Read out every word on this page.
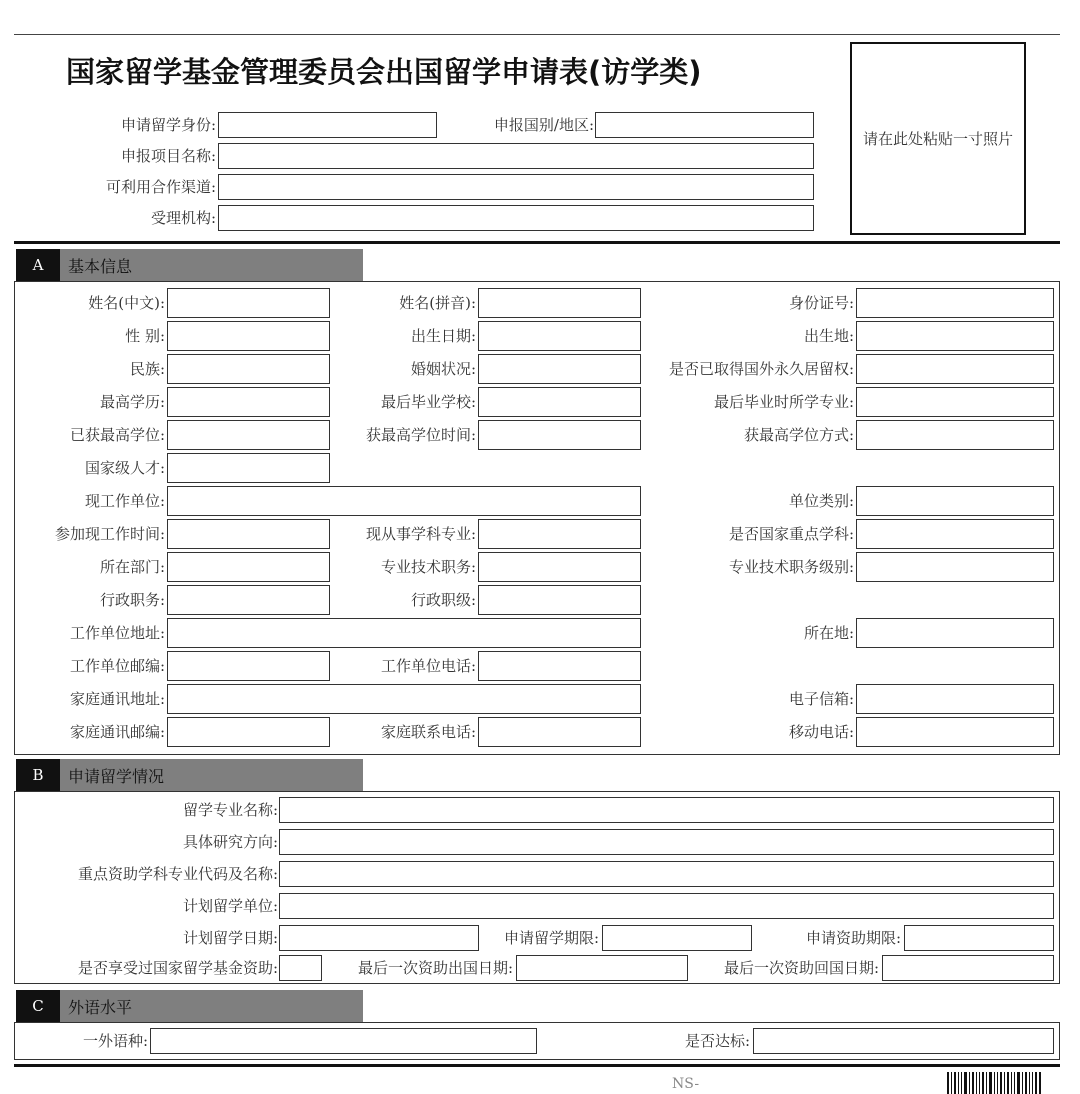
国家留学基金管理委员会出国留学申请表(访学类)
请在此处粘贴一寸照片
申请留学身份:	申报国别/地区:
申报项目名称:
可利用合作渠道:
受理机构:
A	基本信息
姓名(中文):	姓名(拼音):	身份证号:
性 别:	出生日期:	出生地:
民族:	婚姻状况:	是否已取得国外永久居留权:
最高学历:	最后毕业学校:	最后毕业时所学专业:
已获最高学位:	获最高学位时间:	获最高学位方式:
国家级人才:
现工作单位:	单位类别:
参加现工作时间:	现从事学科专业:	是否国家重点学科:
所在部门:	专业技术职务:	专业技术职务级别:
行政职务:	行政职级:
工作单位地址:	所在地:
工作单位邮编:	工作单位电话:
家庭通讯地址:	电子信箱:
家庭通讯邮编:	家庭联系电话:	移动电话:
B	申请留学情况
留学专业名称:
具体研究方向:
重点资助学科专业代码及名称:
计划留学单位:
计划留学日期:	申请留学期限:	申请资助期限:
是否享受过国家留学基金资助:	最后一次资助出国日期:	最后一次资助回国日期:
C	外语水平
一外语种:	是否达标:
NS-
